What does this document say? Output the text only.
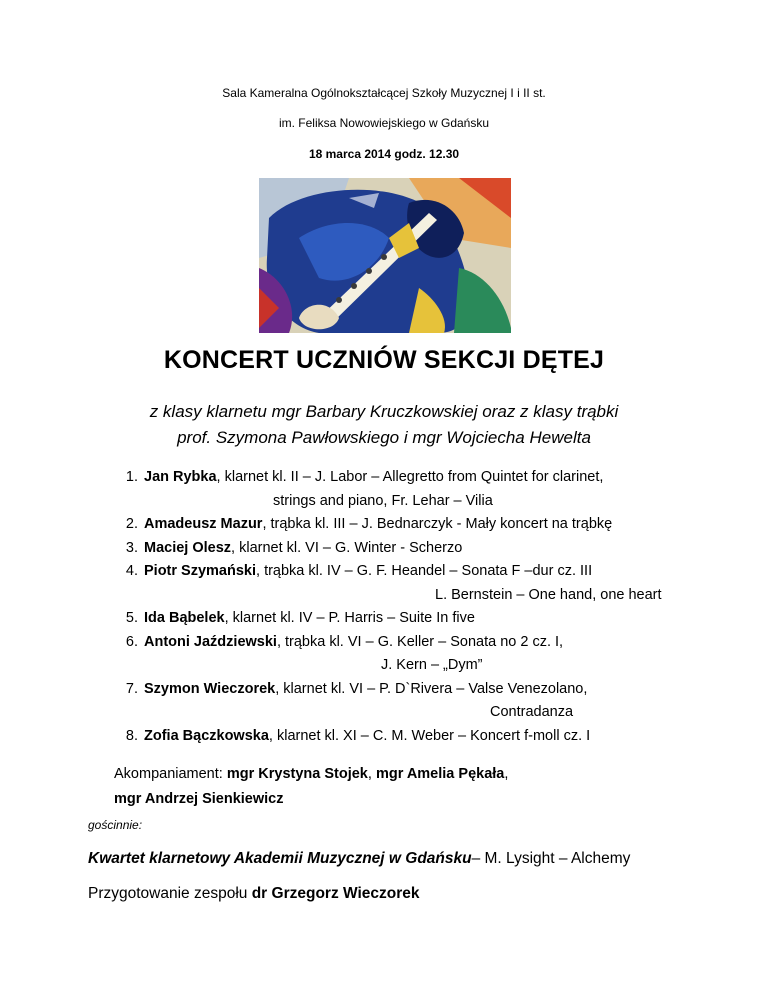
Sala Kameralna Ogólnokształcącej Szkoły Muzycznej I i II st.
im. Feliksa Nowowiejskiego w Gdańsku
18 marca 2014 godz. 12.30
KONCERT UCZNIÓW SEKCJI DĘTEJ
z klasy klarnetu mgr Barbary Kruczkowskiej oraz z klasy trąbki
prof. Szymona Pawłowskiego i mgr Wojciecha Hewelta
1. Jan Rybka, klarnet kl. II – J. Labor – Allegretto from Quintet for clarinet,
strings and piano, Fr. Lehar – Vilia
2. Amadeusz Mazur, trąbka kl. III – J. Bednarczyk - Mały koncert na trąbkę
3. Maciej Olesz, klarnet kl. VI – G. Winter - Scherzo
4. Piotr Szymański, trąbka kl. IV – G. F. Heandel – Sonata F –dur cz. III
L. Bernstein – One hand, one heart
5. Ida Bąbelek, klarnet kl. IV – P. Harris – Suite In five
6. Antoni Jaździewski, trąbka kl. VI – G. Keller – Sonata no 2 cz. I,
J. Kern – „Dym”
7. Szymon Wieczorek, klarnet kl. VI – P. D`Rivera – Valse Venezolano,
Contradanza
8. Zofia Bączkowska, klarnet kl. XI – C. M. Weber – Koncert f-moll cz. I
Akompaniament: mgr Krystyna Stojek, mgr Amelia Pękała,
mgr Andrzej Sienkiewicz
gościnnie:
Kwartet klarnetowy Akademii Muzycznej w Gdańsku– M. Lysight – Alchemy
Przygotowanie zespołu dr Grzegorz Wieczorek
